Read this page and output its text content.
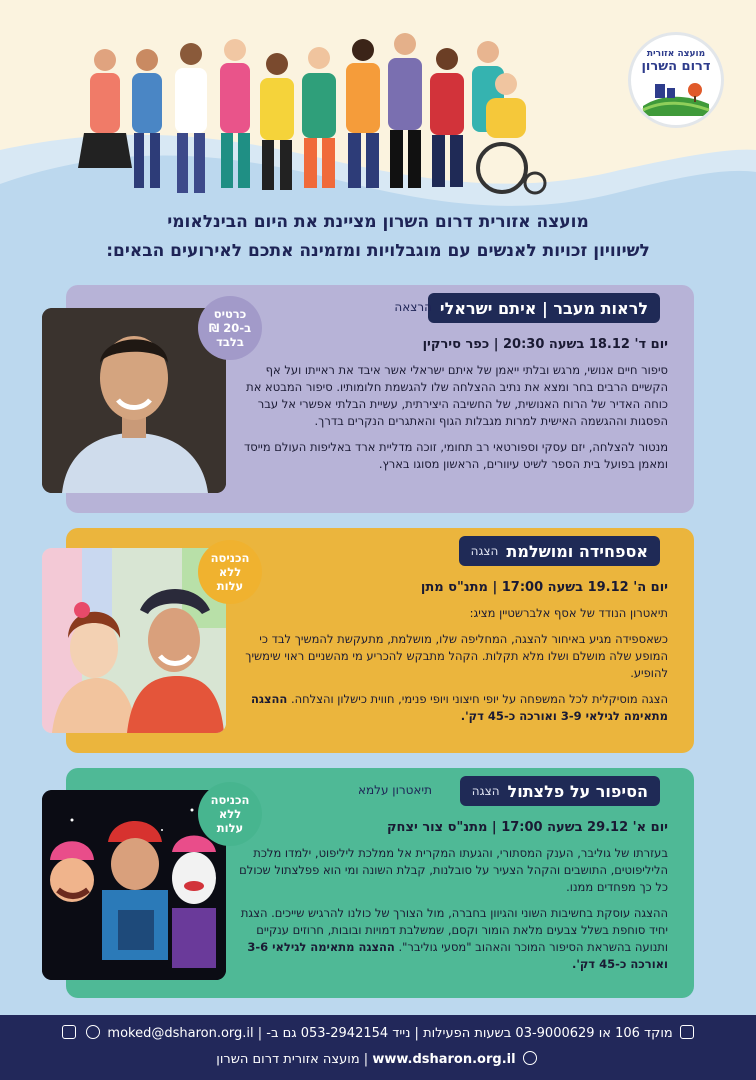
מועצה אזורית
דרום השרון
מועצה אזורית דרום השרון מציינת את היום הבינלאומי
לשיוויון זכויות לאנשים עם מוגבלויות ומזמינה אתכם לאירועים הבאים:
לראות מעבר | איתם ישראלי
הרצאה
יום ד' 18.12 בשעה 20:30 | כפר סירקין

סיפור חיים אנושי, מרגש ובלתי ייאמן של איתם ישראלי אשר איבד את ראייתו ועל אף הקשיים הרבים בחר ומצא את נתיב ההצלחה שלו להגשמת חלומותיו. סיפור המבטא את כוחה האדיר של הרוח האנושית, של החשיבה היצירתית, עשיית הבלתי אפשרי אל עבר הפסגות וההגשמה האישית למרות מגבלות הגוף והאתגרים הנקרים בדרך.

מנטור להצלחה, יזם עסקי וספורטאי רב תחומי, זוכה מדליית ארד באליפות העולם מייסד ומאמן בפועל בית הספר לשיט עיוורים, הראשון מסוגו בארץ.

כרטיס
ב-20 ₪
בלבד
אספחידה ומושלמת
הצגה
יום ה' 19.12 בשעה 17:00 | מתנ"ס מתן

תיאטרון הנודד של אסף אלברשטיין מציג:

כשאספידה מגיע באיחור להצגה, המחליפה שלו, מושלמת, מתעקשת להמשיך לבד כי המופע שלה מושלם ושלו מלא תקלות. הקהל מתבקש להכריע מי מהשניים ראוי שימשיך להופיע.

הצגה מוסיקלית לכל המשפחה על יופי חיצוני ויופי פנימי, חווית כישלון והצלחה. ההצגה מתאימה לגילאי 3-9 ואורכה כ-45 דק'.

הכניסה
ללא
עלות
הסיפור על פלצתול
הצגה
תיאטרון עלמא
יום א' 29.12 בשעה 17:00 | מתנ"ס צור יצחק

בעזרתו של גוליבר, הענק המסתורי, והגעתו המקרית אל ממלכת ליליפוט, ילמדו מלכת הליליפוטים, התושבים והקהל הצעיר על סובלנות, קבלת השונה ומי הוא פפלצתול שכולם כל כך מפחדים ממנו.

ההצגה עוסקת בחשיבות השוני והגיוון בחברה, מול הצורך של כולנו להרגיש שייכים. הצגת יחיד סוחפת בשלל צבעים מלאת הומור וקסם, שמשלבת דמויות ובובות, חרוזים ענקיים ותנועה בהשראת הסיפור המוכר והאהוב "מסעי גוליבר". ההצגה מתאימה לגילאי 3-6 ואורכה כ-45 דק'.

הכניסה
ללא
עלות
מוקד 106 או 03-9000629 בשעות הפעילות | נייד 053-2942154 גם ב- | moked@dsharon.org.il
www.dsharon.org.il | מועצה אזורית דרום השרון
